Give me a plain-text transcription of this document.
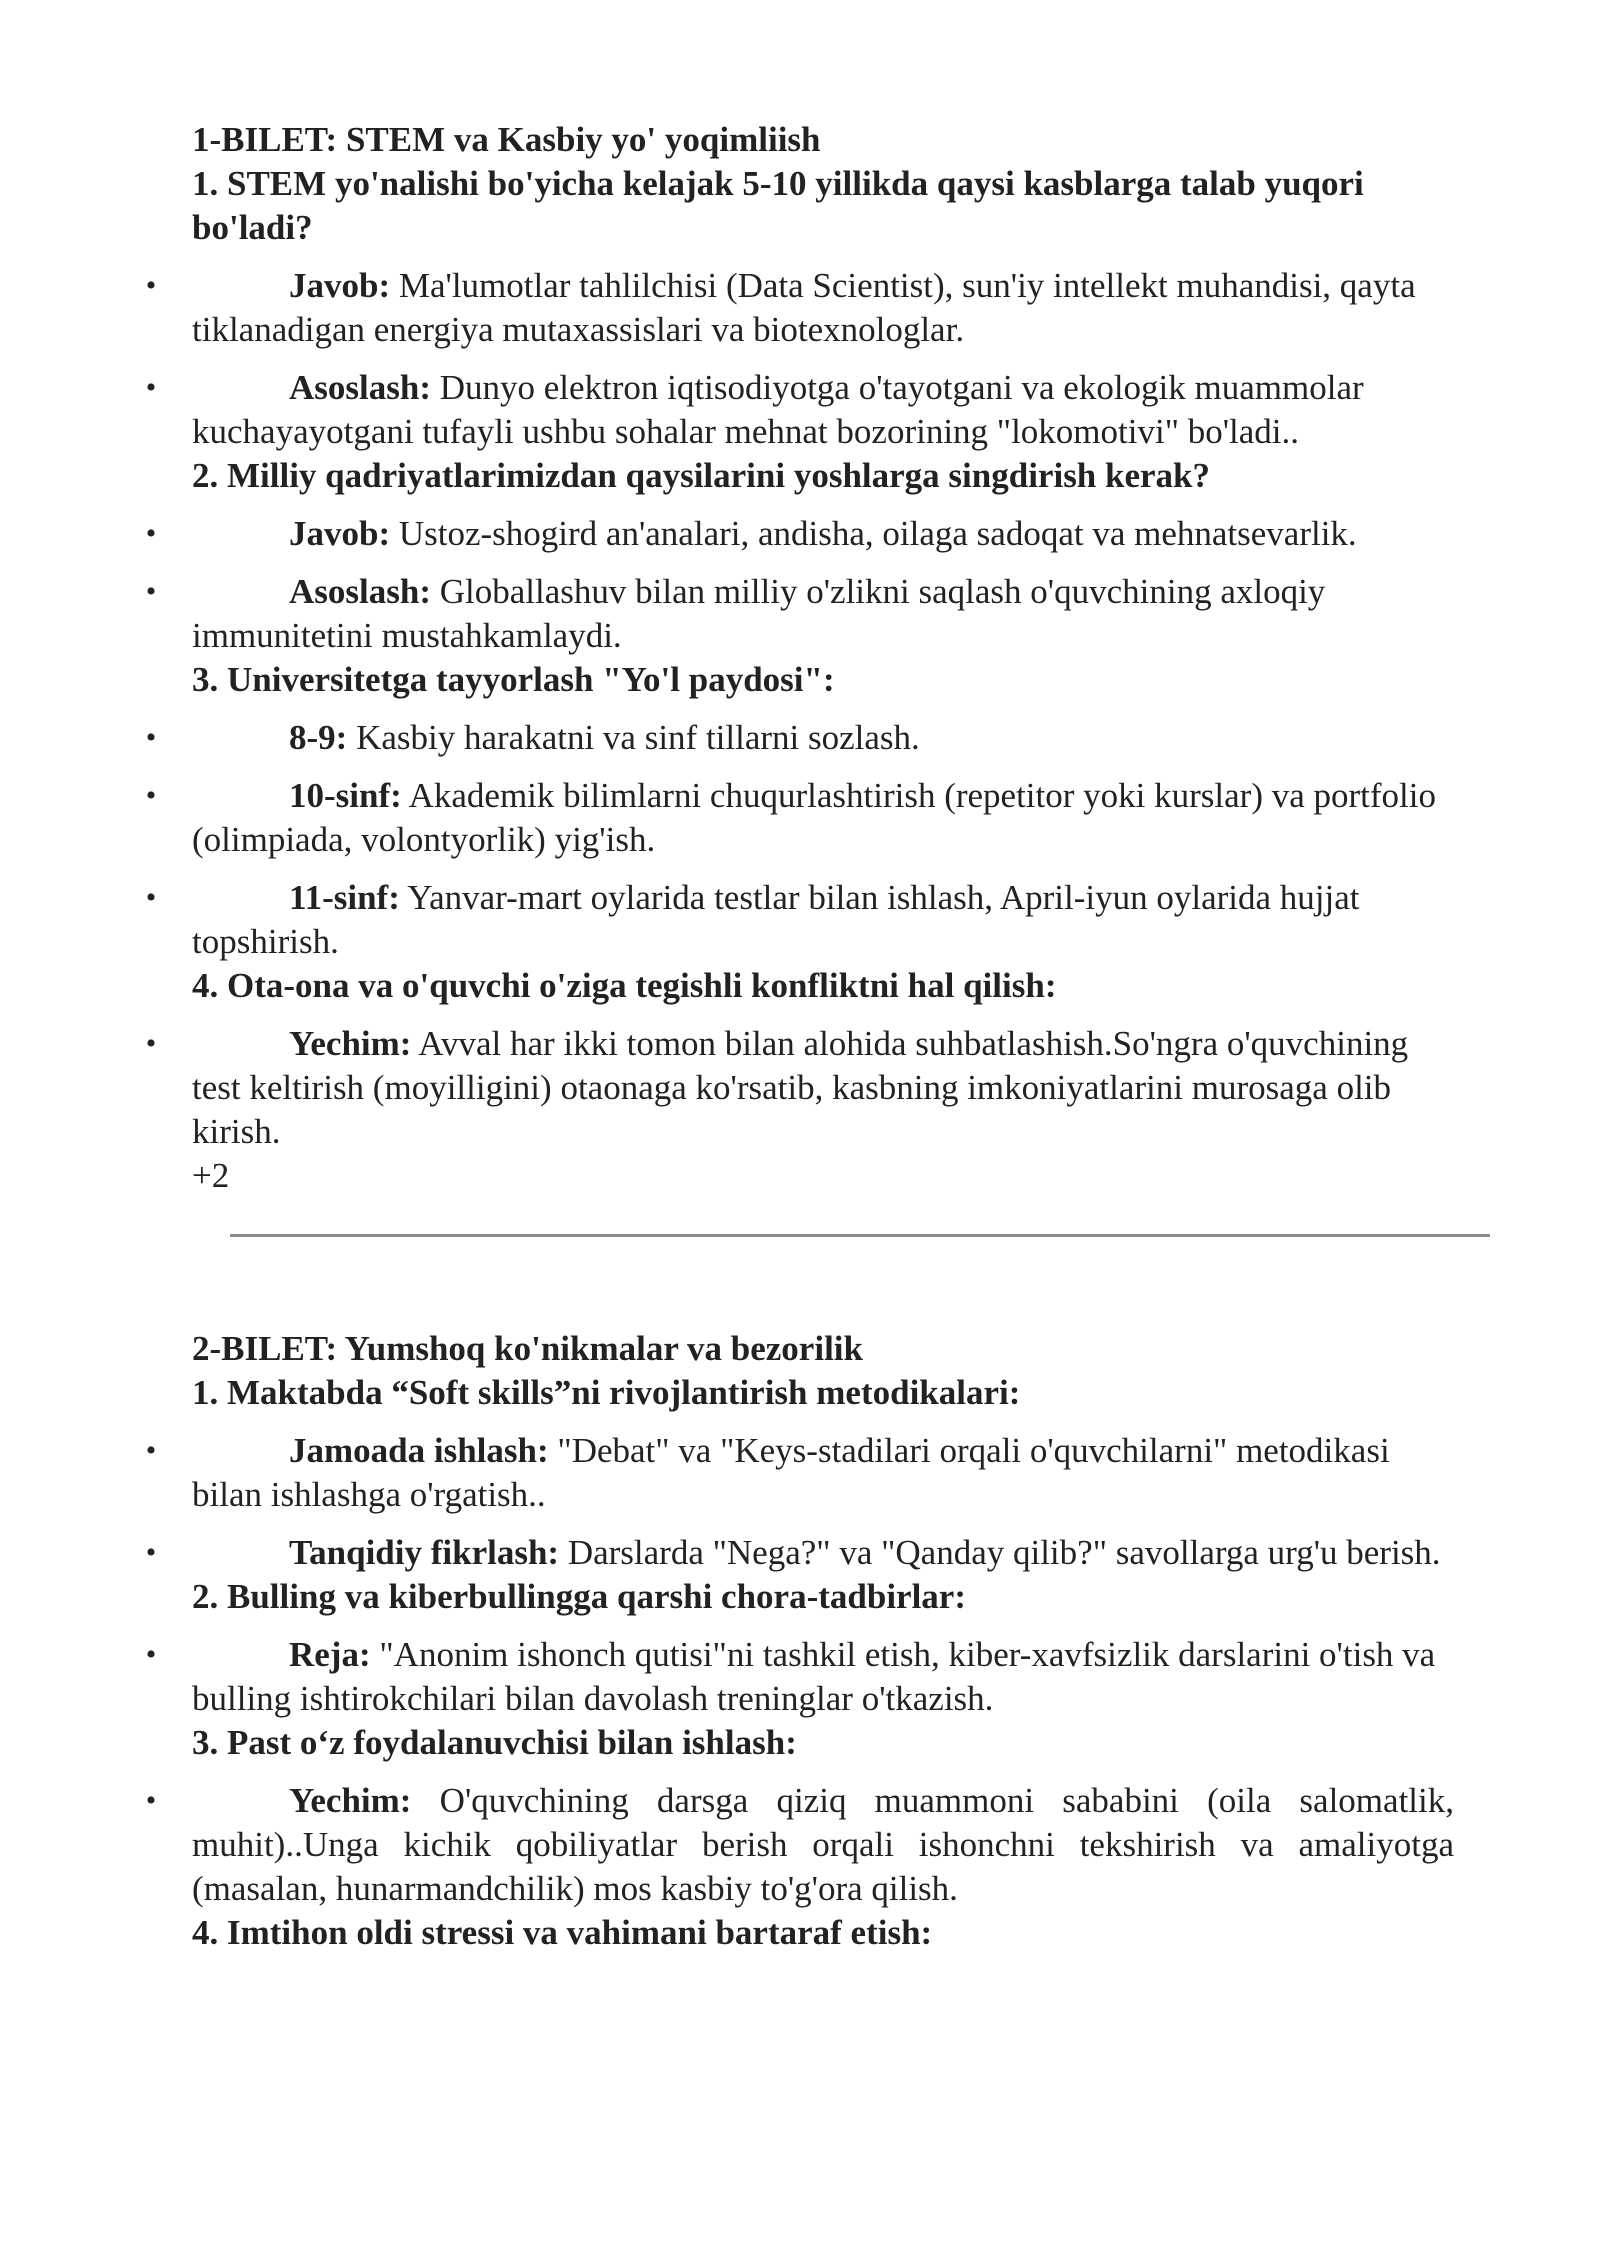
1-BILET: STEM va Kasbiy yo' yoqimliish

1. STEM yo'nalishi bo'yicha kelajak 5-10 yillikda qaysi kasblarga talab yuqori bo'ladi?

•	Javob: Ma'lumotlar tahlilchisi (Data Scientist), sun'iy intellekt muhandisi, qayta tiklanadigan energiya mutaxassislari va biotexnologlar.
•	Asoslash: Dunyo elektron iqtisodiyotga o'tayotgani va ekologik muammolar kuchayayotgani tufayli ushbu sohalar mehnat bozorining "lokomotivi" bo'ladi..

2. Milliy qadriyatlarimizdan qaysilarini yoshlarga singdirish kerak?

•	Javob: Ustoz-shogird an'analari, andisha, oilaga sadoqat va mehnatsevarlik.
•	Asoslash: Globallashuv bilan milliy o'zlikni saqlash o'quvchining axloqiy immunitetini mustahkamlaydi.

3. Universitetga tayyorlash "Yo'l paydosi":

•	8-9: Kasbiy harakatni va sinf tillarni sozlash.
•	10-sinf: Akademik bilimlarni chuqurlashtirish (repetitor yoki kurslar) va portfolio (olimpiada, volontyorlik) yig'ish.
•	11-sinf: Yanvar-mart oylarida testlar bilan ishlash, April-iyun oylarida hujjat topshirish.

4. Ota-ona va o'quvchi o'ziga tegishli konfliktni hal qilish:

•	Yechim: Avval har ikki tomon bilan alohida suhbatlashish.So'ngra o'quvchining test keltirish (moyilligini) otaonaga ko'rsatib, kasbning imkoniyatlarini murosaga olib kirish.

+2

2-BILET: Yumshoq ko'nikmalar va bezorilik

1. Maktabda “Soft skills”ni rivojlantirish metodikalari:

•	Jamoada ishlash: "Debat" va "Keys-stadilari orqali o'quvchilarni" metodikasi bilan ishlashga o'rgatish..
•	Tanqidiy fikrlash: Darslarda "Nega?" va "Qanday qilib?" savollarga urg'u berish.

2. Bulling va kiberbullingga qarshi chora-tadbirlar:

•	Reja: "Anonim ishonch qutisi"ni tashkil etish, kiber-xavfsizlik darslarini o'tish va bulling ishtirokchilari bilan davolash treninglar o'tkazish.

3. Past oʻz foydalanuvchisi bilan ishlash:

•	Yechim: O'quvchining darsga qiziq muammoni sababini (oila salomatlik, muhit)..Unga kichik qobiliyatlar berish orqali ishonchni tekshirish va amaliyotga (masalan, hunarmandchilik) mos kasbiy to'g'ora qilish.

4. Imtihon oldi stressi va vahimani bartaraf etish:
